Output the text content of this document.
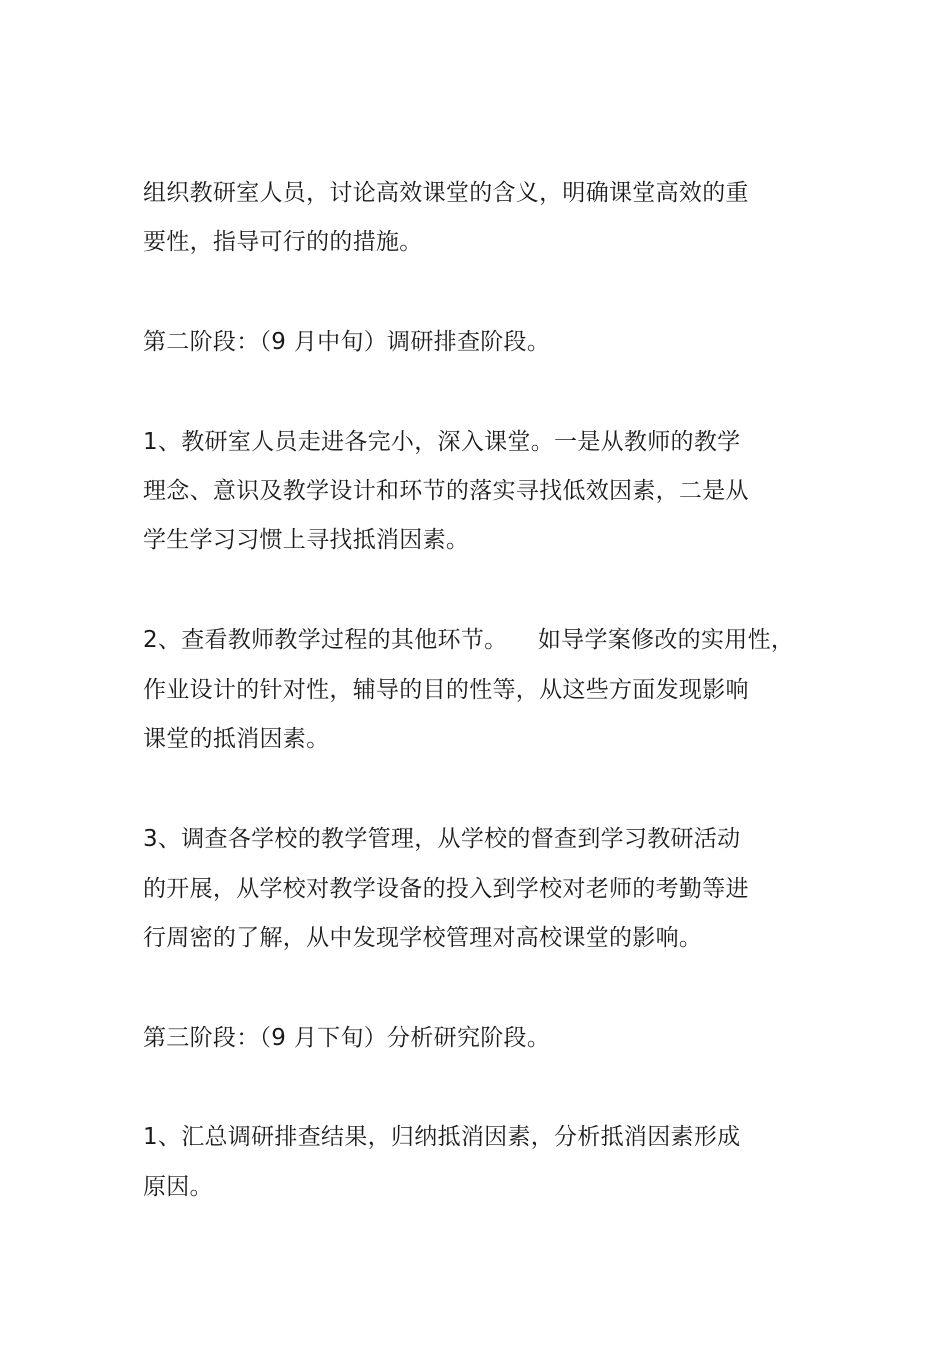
组织教研室人员，讨论高效课堂的含义，明确课堂高效的重
要性，指导可行的的措施。
第二阶段：（9 月中旬）调研排查阶段。
1、教研室人员走进各完小，深入课堂。一是从教师的教学
理念、意识及教学设计和环节的落实寻找低效因素，二是从
学生学习习惯上寻找抵消因素。
2、查看教师教学过程的其他环节。    如导学案修改的实用性，
作业设计的针对性，辅导的目的性等，从这些方面发现影响
课堂的抵消因素。
3、调查各学校的教学管理，从学校的督查到学习教研活动
的开展，从学校对教学设备的投入到学校对老师的考勤等进
行周密的了解，从中发现学校管理对高校课堂的影响。
第三阶段：（9 月下旬）分析研究阶段。
1、汇总调研排查结果，归纳抵消因素，分析抵消因素形成
原因。
